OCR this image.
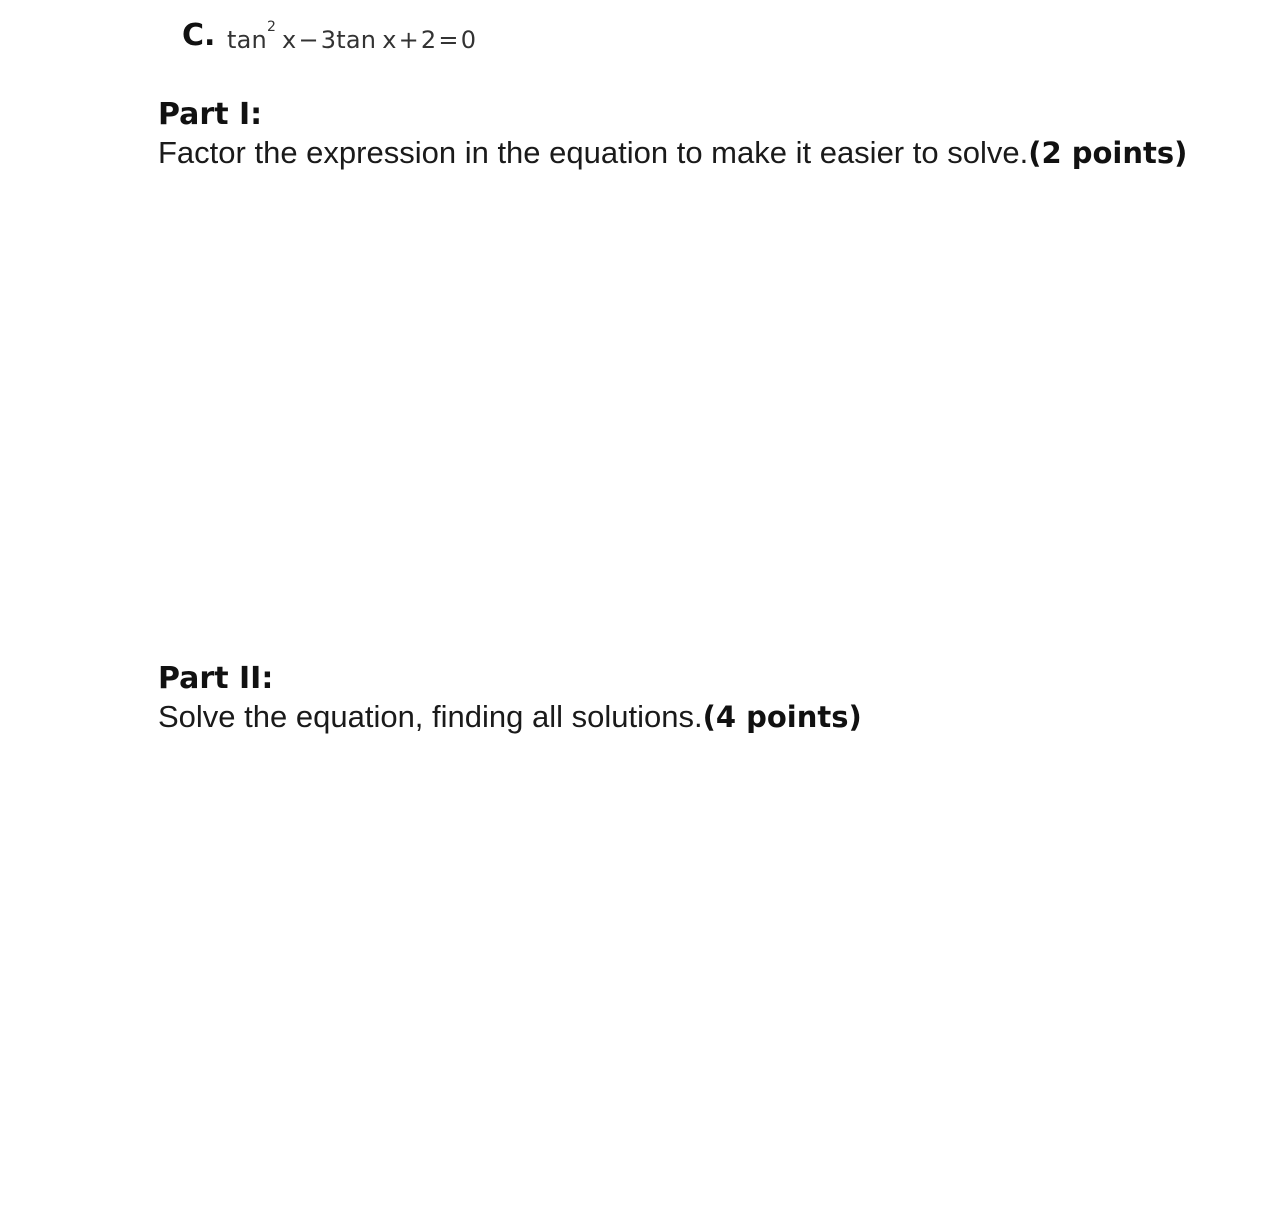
C. $\tan^2 x-3\tan$ x+2=0

Part I:

Factor the expression in the equation to make it easier to solve.(2 points)

Part II:

Solve the equation, finding all solutions.(4 points)
